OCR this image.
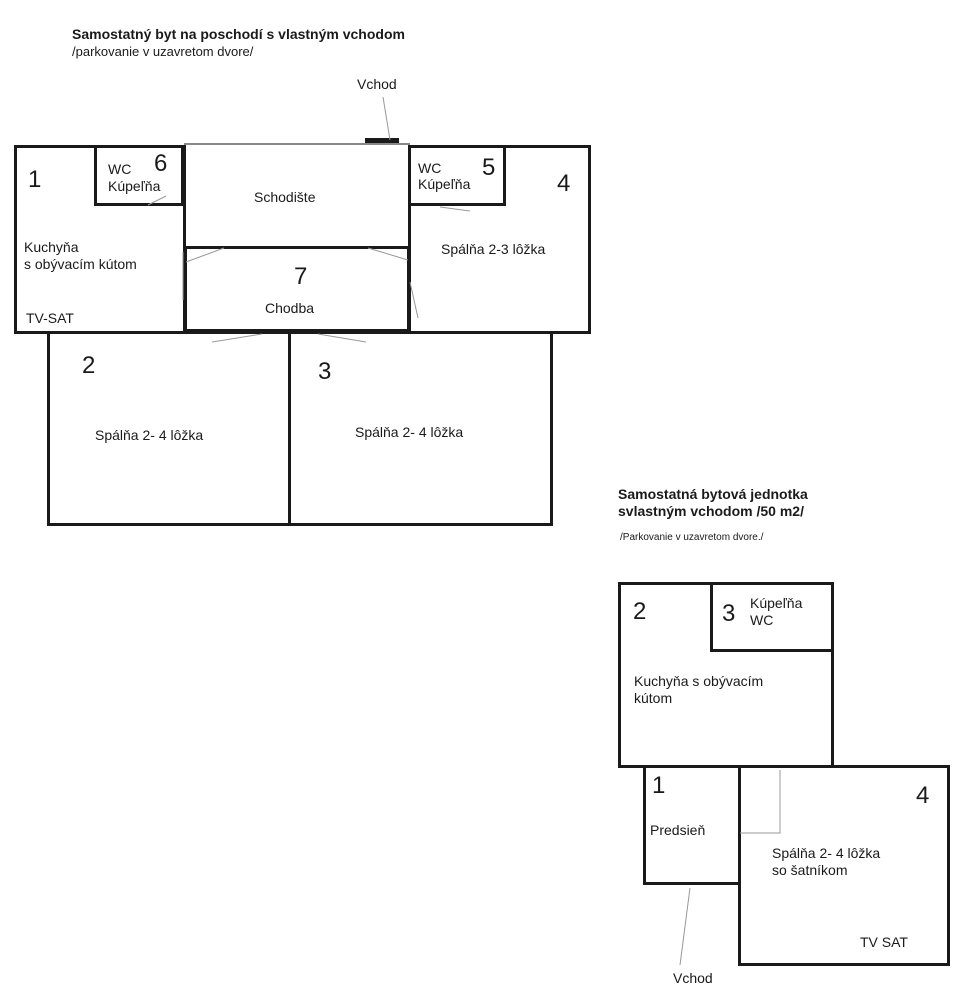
Samostatný byt na poschodí s vlastným vchodom
/parkovanie v uzavretom dvore/
Vchod
1
Kuchyňa
s obývacím kútom
TV-SAT
6
WC
Kúpeľňa
Schodište
5
WC
Kúpeľňa	4
Spálňa 2-3 lôžka
7
Chodba
2
Spálňa 2- 4 lôžka
3
Spálňa 2- 4 lôžka
Samostatná bytová jednotka
svlastným vchodom /50 m2/
/Parkovanie v uzavretom dvore./
2
Kuchyňa s obývacím
kútom
3 Kúpeľňa
WC
1
Predsieň
4
Spálňa 2- 4 lôžka
so šatníkom
TV SAT
Vchod
